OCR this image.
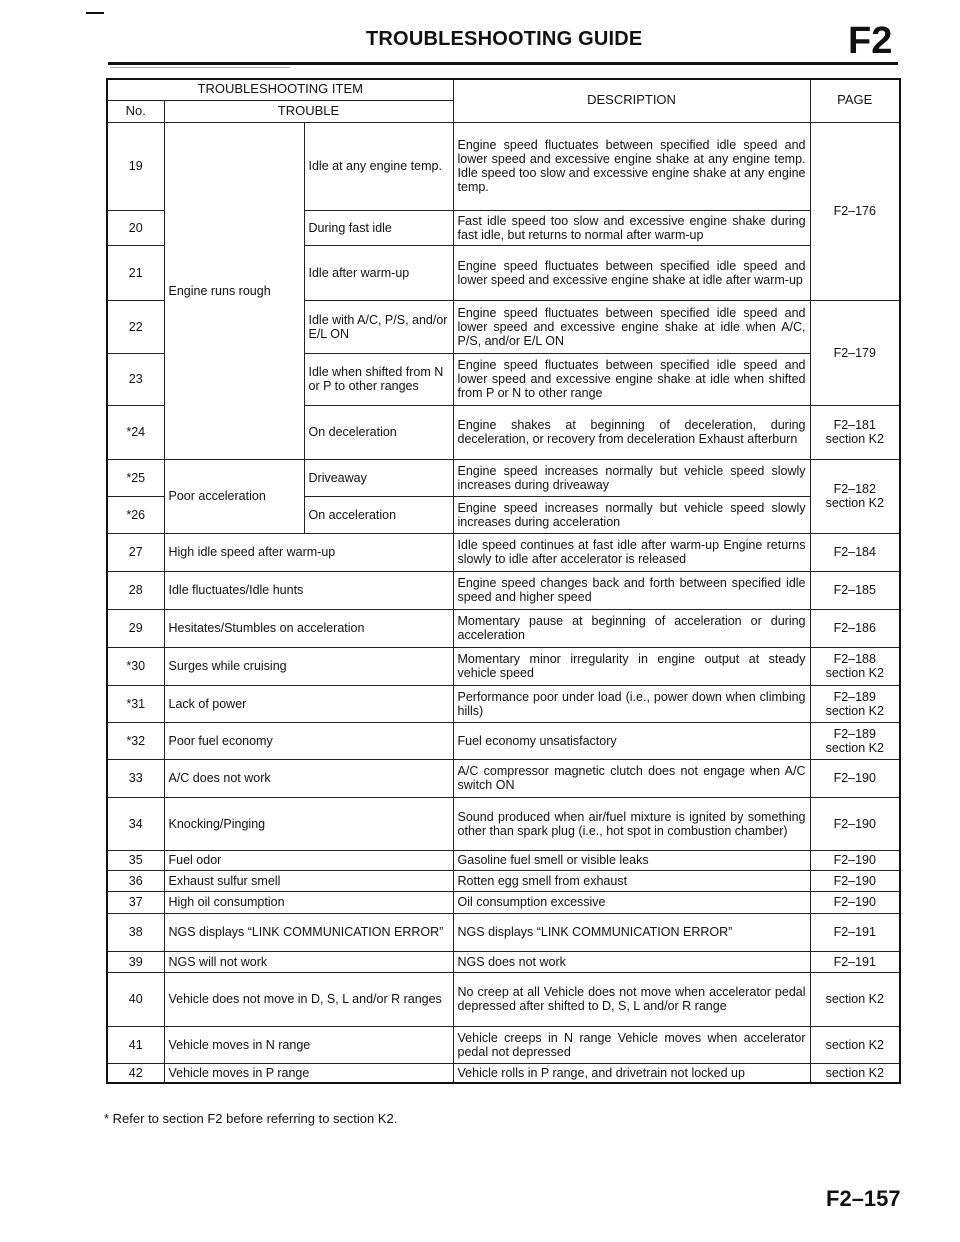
TROUBLESHOOTING GUIDE	F2
TROUBLESHOOTING ITEM			DESCRIPTION	PAGE
No.	TROUBLE			
19	Engine runs rough	Idle at any engine temp.	Engine speed fluctuates between specified idle speed and lower speed and excessive engine shake at any engine temp. Idle speed too slow and excessive engine shake at any engine temp.	F2–176
20		During fast idle	Fast idle speed too slow and excessive engine shake during fast idle, but returns to normal after warm-up	
21		Idle after warm-up	Engine speed fluctuates between specified idle speed and lower speed and excessive engine shake at idle after warm-up	
22		Idle with A/C, P/S, and/or E/L ON	Engine speed fluctuates between specified idle speed and lower speed and excessive engine shake at idle when A/C, P/S, and/or E/L ON	F2–179
23		Idle when shifted from N or P to other ranges	Engine speed fluctuates between specified idle speed and lower speed and excessive engine shake at idle when shifted from P or N to other range	
*24		On deceleration	Engine shakes at beginning of deceleration, during deceleration, or recovery from deceleration Exhaust afterburn	F2–181 section K2
*25	Poor acceleration	Driveaway	Engine speed increases normally but vehicle speed slowly increases during driveaway	F2–182 section K2
*26		On acceleration	Engine speed increases normally but vehicle speed slowly increases during acceleration	
27	High idle speed after warm-up		Idle speed continues at fast idle after warm-up Engine returns slowly to idle after accelerator is released	F2–184
28	Idle fluctuates/Idle hunts		Engine speed changes back and forth between specified idle speed and higher speed	F2–185
29	Hesitates/Stumbles on acceleration		Momentary pause at beginning of acceleration or during acceleration	F2–186
*30	Surges while cruising		Momentary minor irregularity in engine output at steady vehicle speed	F2–188 section K2
*31	Lack of power		Performance poor under load (i.e., power down when climbing hills)	F2–189 section K2
*32	Poor fuel economy		Fuel economy unsatisfactory	F2–189 section K2
33	A/C does not work		A/C compressor magnetic clutch does not engage when A/C switch ON	F2–190
34	Knocking/Pinging		Sound produced when air/fuel mixture is ignited by something other than spark plug (i.e., hot spot in combustion chamber)	F2–190
35	Fuel odor		Gasoline fuel smell or visible leaks	F2–190
36	Exhaust sulfur smell		Rotten egg smell from exhaust	F2–190
37	High oil consumption		Oil consumption excessive	F2–190
38	NGS displays “LINK COMMUNICATION ERROR”		NGS displays “LINK COMMUNICATION ERROR”	F2–191
39	NGS will not work		NGS does not work	F2–191
40	Vehicle does not move in D, S, L and/or R ranges		No creep at all Vehicle does not move when accelerator pedal depressed after shifted to D, S, L and/or R range	section K2
41	Vehicle moves in N range		Vehicle creeps in N range Vehicle moves when accelerator pedal not depressed	section K2
42	Vehicle moves in P range		Vehicle rolls in P range, and drivetrain not locked up	section K2
* Refer to section F2 before referring to section K2.
F2–157
